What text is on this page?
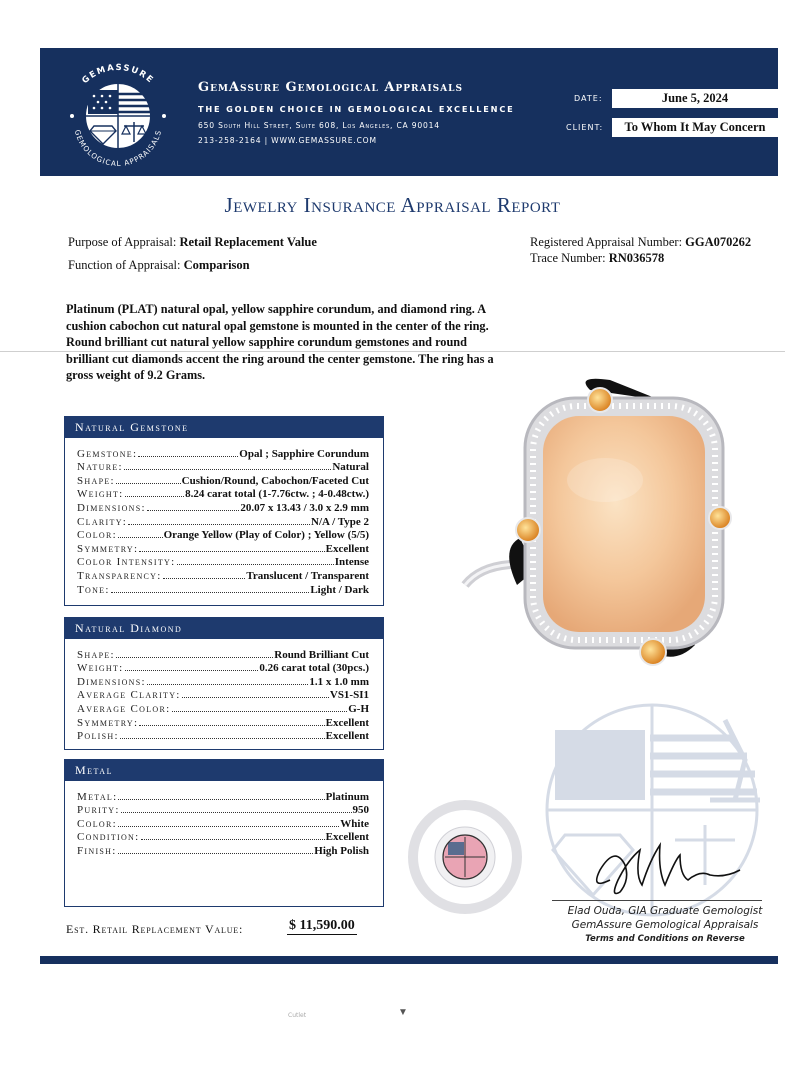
GEMASSURE
GEMOLOGICAL APPRAISALS
GemAssure Gemological Appraisals
THE GOLDEN CHOICE IN GEMOLOGICAL EXCELLENCE
650 South Hill Street, Suite 608, Los Angeles, CA 90014
213-258-2164 | WWW.GEMASSURE.COM
DATE:	June 5, 2024
CLIENT:	To Whom It May Concern
Jewelry Insurance Appraisal Report
Purpose of Appraisal: Retail Replacement Value
Function of Appraisal: Comparison
Registered Appraisal Number: GGA070262
Trace Number: RN036578
Platinum (PLAT) natural opal, yellow sapphire corundum, and diamond ring. A cushion cabochon cut natural opal gemstone is mounted in the center of the ring. Round brilliant cut natural yellow sapphire corundum gemstones and round brilliant cut diamonds accent the ring around the center gemstone. The ring has a gross weight of 9.2 Grams.
Natural Gemstone
Gemstone:	Opal ; Sapphire Corundum
Nature:	Natural
Shape:	Cushion/Round, Cabochon/Faceted Cut
Weight:	8.24 carat total (1-7.76ctw. ; 4-0.48ctw.)
Dimensions:	20.07 x 13.43 / 3.0 x 2.9 mm
Clarity:	N/A / Type 2
Color:	Orange Yellow (Play of Color) ; Yellow (5/5)
Symmetry:	Excellent
Color Intensity:	Intense
Transparency:	Translucent / Transparent
Tone:	Light / Dark
Natural Diamond
Shape:	Round Brilliant Cut
Weight:	0.26 carat total (30pcs.)
Dimensions:	1.1 x 1.0 mm
Average Clarity:	VS1-SI1
Average Color:	G-H
Symmetry:	Excellent
Polish:	Excellent
Metal
Metal:	Platinum
Purity:	950
Color:	White
Condition:	Excellent
Finish:	High Polish
Elad Ouda, GIA Graduate Gemologist
GemAssure Gemological Appraisals
Terms and Conditions on Reverse
Est. Retail Replacement Value:	$ 11,590.00
Cutlet	▼
